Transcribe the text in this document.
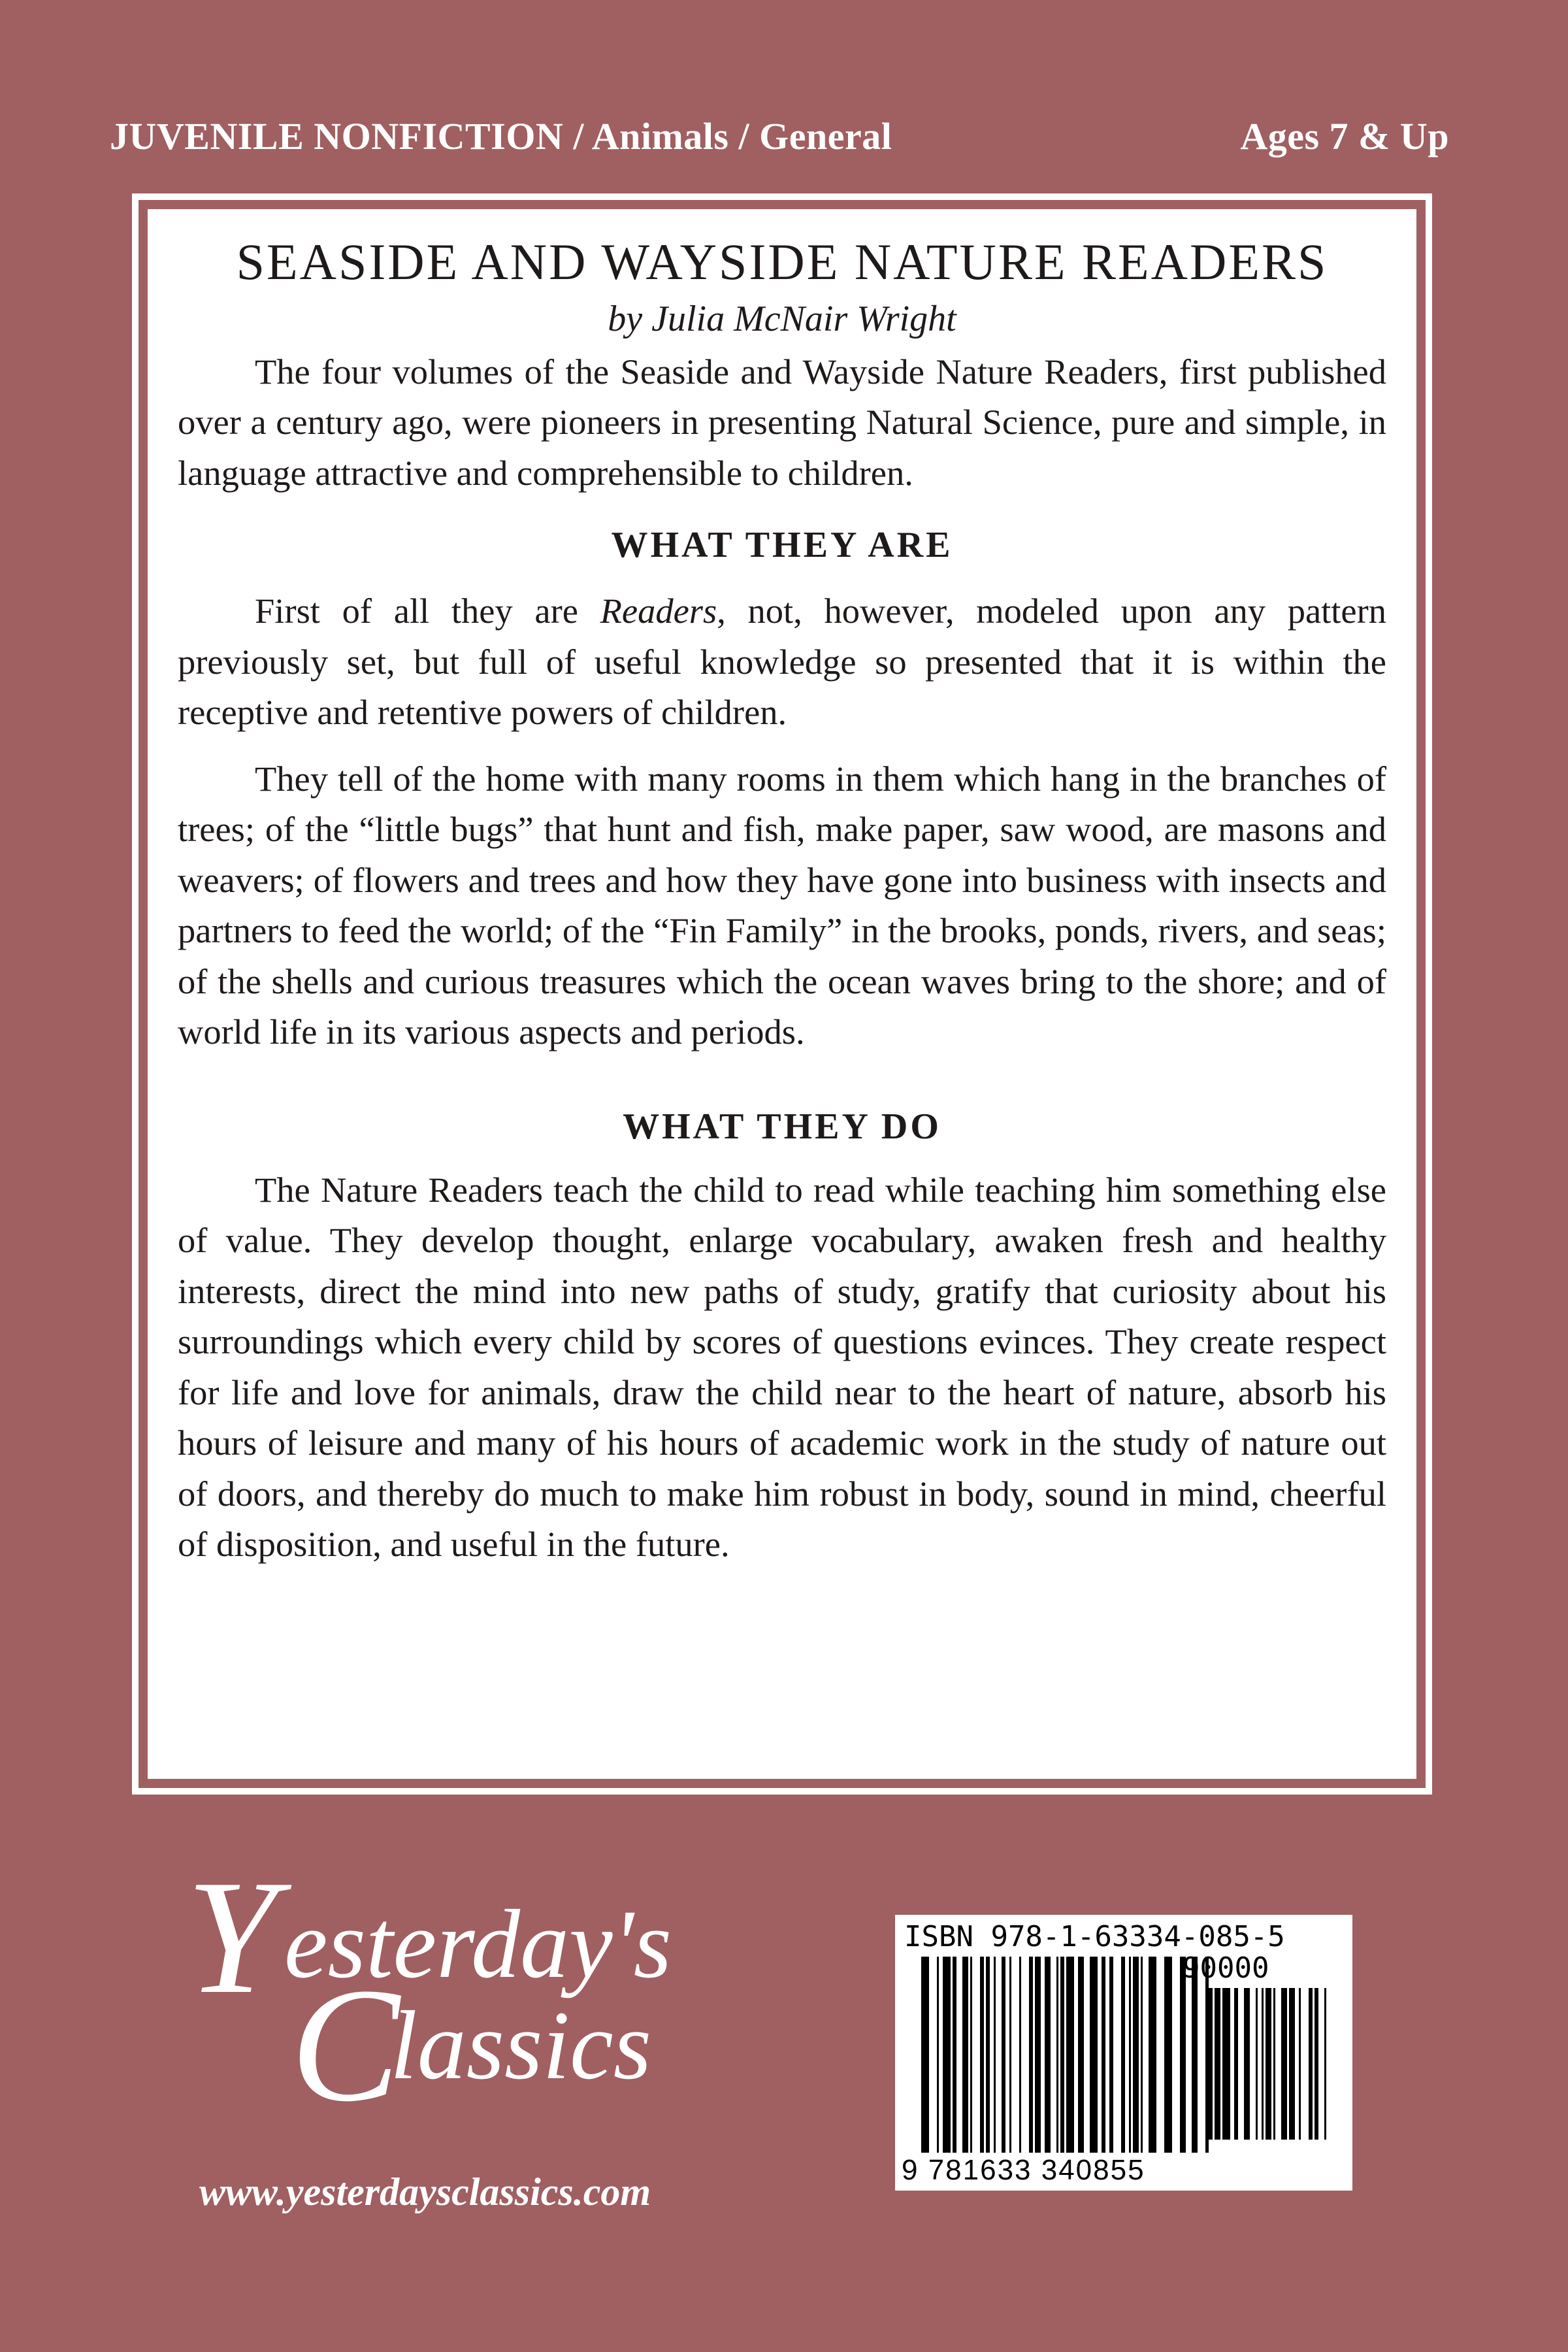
JUVENILE NONFICTION / Animals / General	Ages 7 & Up
SEASIDE AND WAYSIDE NATURE READERS
by Julia McNair Wright

The four volumes of the Seaside and Wayside Nature Readers, first published over a century ago, were pioneers in presenting Natural Science, pure and simple, in language attractive and comprehensible to children.

WHAT THEY ARE

First of all they are Readers, not, however, modeled upon any pattern previously set, but full of useful knowledge so presented that it is within the receptive and retentive powers of children.

They tell of the home with many rooms in them which hang in the branches of trees; of the “little bugs” that hunt and fish, make paper, saw wood, are masons and weavers; of flowers and trees and how they have gone into business with insects and partners to feed the world; of the “Fin Family” in the brooks, ponds, rivers, and seas; of the shells and curious treasures which the ocean waves bring to the shore; and of world life in its various aspects and periods.

WHAT THEY DO

The Nature Readers teach the child to read while teaching him something else of value. They develop thought, enlarge vocabulary, awaken fresh and healthy interests, direct the mind into new paths of study, gratify that curiosity about his surroundings which every child by scores of questions evinces. They create respect for life and love for animals, draw the child near to the heart of nature, absorb his hours of leisure and many of his hours of academic work in the study of nature out of doors, and thereby do much to make him robust in body, sound in mind, cheerful of disposition, and useful in the future.

Y esterday's
C
lassics
www.yesterdaysclassics.com
ISBN 978-1-63334-085-5
90000
9 781633 340855
